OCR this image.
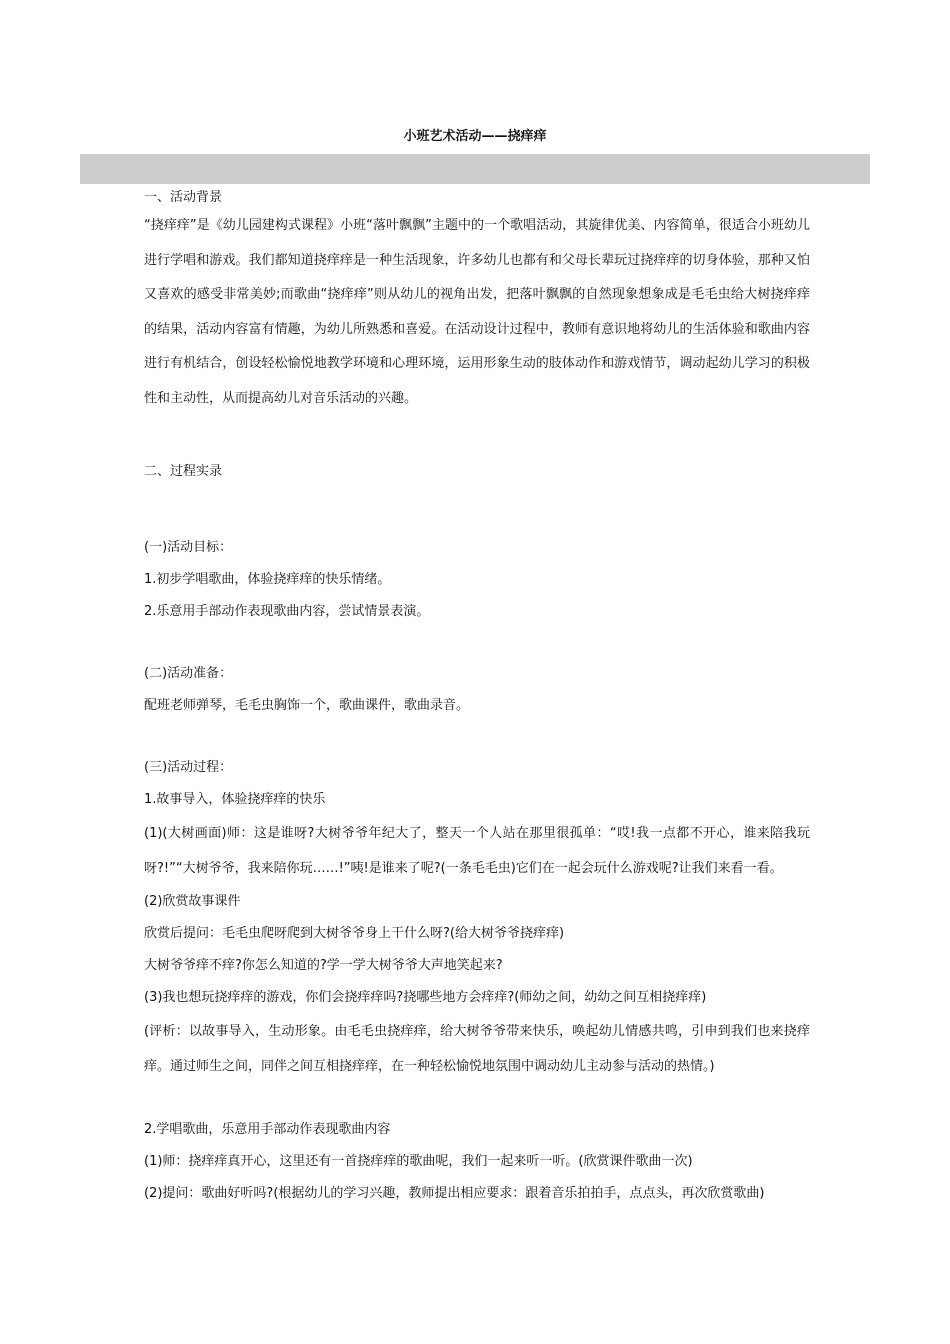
小班艺术活动——挠痒痒
一、活动背景
“挠痒痒”是《幼儿园建构式课程》小班“落叶飘飘”主题中的一个歌唱活动，其旋律优美、内容简单，很适合小班幼儿进行学唱和游戏。我们都知道挠痒痒是一种生活现象，许多幼儿也都有和父母长辈玩过挠痒痒的切身体验，那种又怕又喜欢的感受非常美妙;而歌曲“挠痒痒”则从幼儿的视角出发，把落叶飘飘的自然现象想象成是毛毛虫给大树挠痒痒的结果，活动内容富有情趣，为幼儿所熟悉和喜爱。在活动设计过程中，教师有意识地将幼儿的生活体验和歌曲内容进行有机结合，创设轻松愉悦地教学环境和心理环境，运用形象生动的肢体动作和游戏情节，调动起幼儿学习的积极性和主动性，从而提高幼儿对音乐活动的兴趣。
二、过程实录
(一)活动目标：
1.初步学唱歌曲，体验挠痒痒的快乐情绪。
2.乐意用手部动作表现歌曲内容，尝试情景表演。
(二)活动准备：
配班老师弹琴，毛毛虫胸饰一个，歌曲课件，歌曲录音。
(三)活动过程：
1.故事导入，体验挠痒痒的快乐
(1)(大树画面)师：这是谁呀?大树爷爷年纪大了，整天一个人站在那里很孤单：“哎!我一点都不开心，谁来陪我玩呀?!”“大树爷爷，我来陪你玩……!”咦!是谁来了呢?(一条毛毛虫)它们在一起会玩什么游戏呢?让我们来看一看。
(2)欣赏故事课件
欣赏后提问：毛毛虫爬呀爬到大树爷爷身上干什么呀?(给大树爷爷挠痒痒)
大树爷爷痒不痒?你怎么知道的?学一学大树爷爷大声地笑起来?
(3)我也想玩挠痒痒的游戏，你们会挠痒痒吗?挠哪些地方会痒痒?(师幼之间，幼幼之间互相挠痒痒)
(评析：以故事导入，生动形象。由毛毛虫挠痒痒，给大树爷爷带来快乐，唤起幼儿情感共鸣，引申到我们也来挠痒痒。通过师生之间，同伴之间互相挠痒痒，在一种轻松愉悦地氛围中调动幼儿主动参与活动的热情。)
2.学唱歌曲，乐意用手部动作表现歌曲内容
(1)师：挠痒痒真开心，这里还有一首挠痒痒的歌曲呢，我们一起来听一听。(欣赏课件歌曲一次)
(2)提问：歌曲好听吗?(根据幼儿的学习兴趣，教师提出相应要求：跟着音乐拍拍手，点点头，再次欣赏歌曲)
